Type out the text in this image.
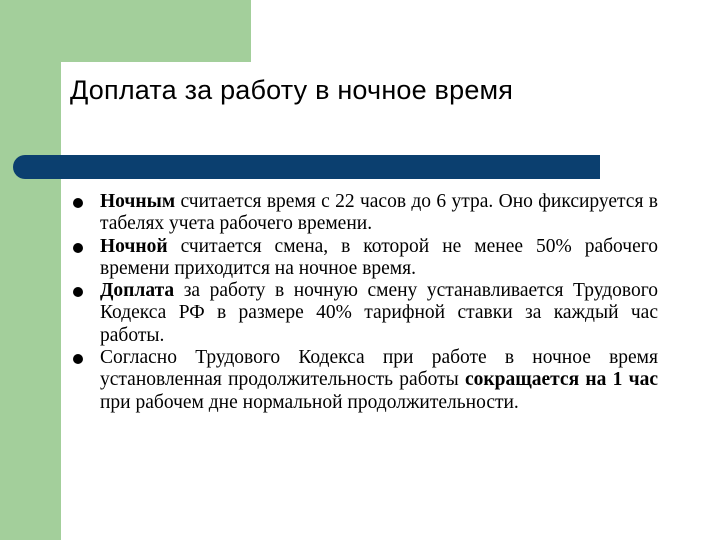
Доплата за работу в ночное время
Ночным считается время с 22 часов до 6 утра. Оно фиксируется в табелях учета рабочего времени.
Ночной считается смена, в которой не менее 50% рабочего времени приходится на ночное время.
Доплата за работу в ночную смену устанавливается Трудового Кодекса РФ в размере 40% тарифной ставки за каждый час работы.
Согласно Трудового Кодекса при работе в ночное время установленная продолжительность работы сокращается на 1 час при рабочем дне нормальной продолжительности.
